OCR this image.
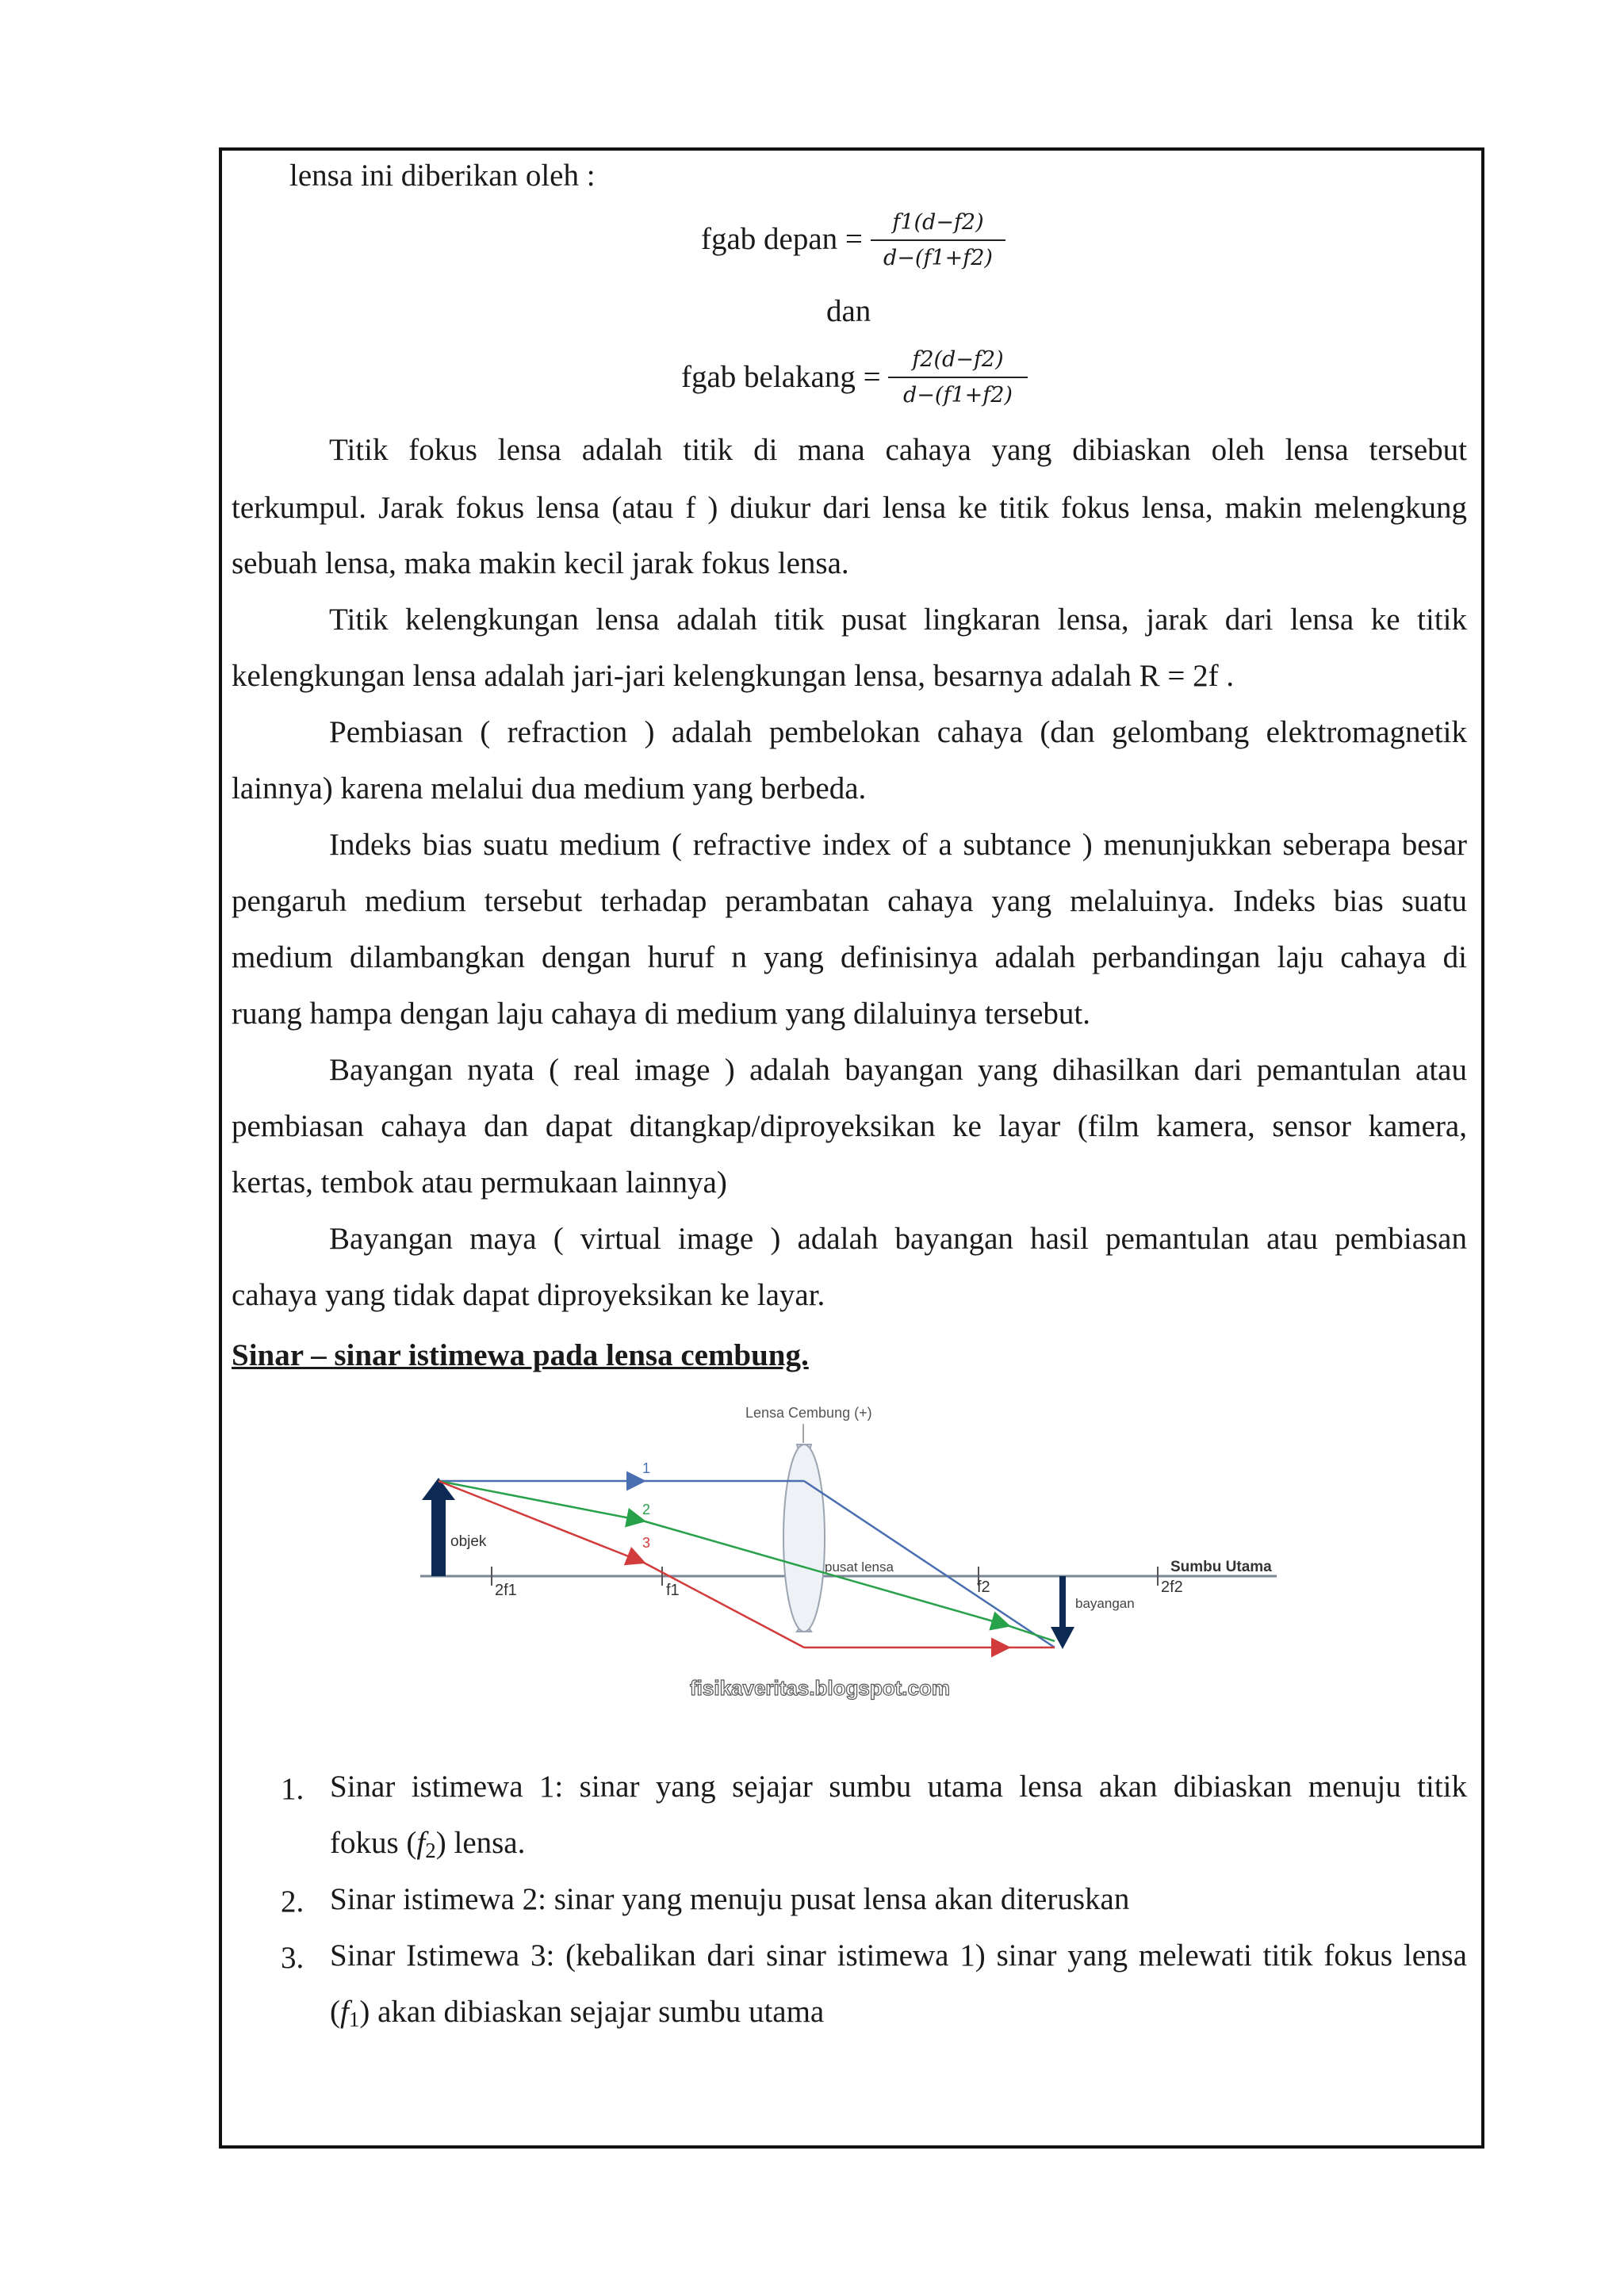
lensa ini diberikan oleh :
fgab depan =	𝑓1(𝑑−𝑓2)
𝑑−(𝑓1+𝑓2)
dan
fgab belakang =
𝑓2(𝑑−𝑓2)
𝑑−(𝑓1+𝑓2)
Titik fokus lensa adalah titik di mana cahaya yang dibiaskan oleh lensa tersebut
terkumpul. Jarak fokus lensa (atau f ) diukur dari lensa ke titik fokus lensa, makin melengkung
sebuah lensa, maka makin kecil jarak fokus lensa.
Titik kelengkungan lensa adalah titik pusat lingkaran lensa, jarak dari lensa ke titik
kelengkungan lensa adalah jari-jari kelengkungan lensa, besarnya adalah R = 2f .
Pembiasan ( refraction ) adalah pembelokan cahaya (dan gelombang elektromagnetik
lainnya) karena melalui dua medium yang berbeda.
Indeks bias suatu medium ( refractive index of a subtance ) menunjukkan seberapa besar
pengaruh medium tersebut terhadap perambatan cahaya yang melaluinya. Indeks bias suatu
medium dilambangkan dengan huruf n yang definisinya adalah perbandingan laju cahaya di
ruang hampa dengan laju cahaya di medium yang dilaluinya tersebut.
Bayangan nyata ( real image ) adalah bayangan yang dihasilkan dari pemantulan atau
pembiasan cahaya dan dapat ditangkap/diproyeksikan ke layar (film kamera, sensor kamera,
kertas, tembok atau permukaan lainnya)
Bayangan maya ( virtual image ) adalah bayangan hasil pemantulan atau pembiasan
cahaya yang tidak dapat diproyeksikan ke layar.
Sinar – sinar istimewa pada lensa cembung.
Lensa Cembung (+)
Sumbu Utama
objek
2f1	f1	f2	2f2
pusat lensa
1
2
3
bayangan
fisikaveritas.blogspot.com
1. Sinar istimewa 1: sinar yang sejajar sumbu utama lensa akan dibiaskan menuju titik
fokus $(f_2)$ lensa.
2. Sinar istimewa 2: sinar yang menuju pusat lensa akan diteruskan
3. Sinar Istimewa 3: (kebalikan dari sinar istimewa 1) sinar yang melewati titik fokus lensa
$(f_1)$ akan dibiaskan sejajar sumbu utama
